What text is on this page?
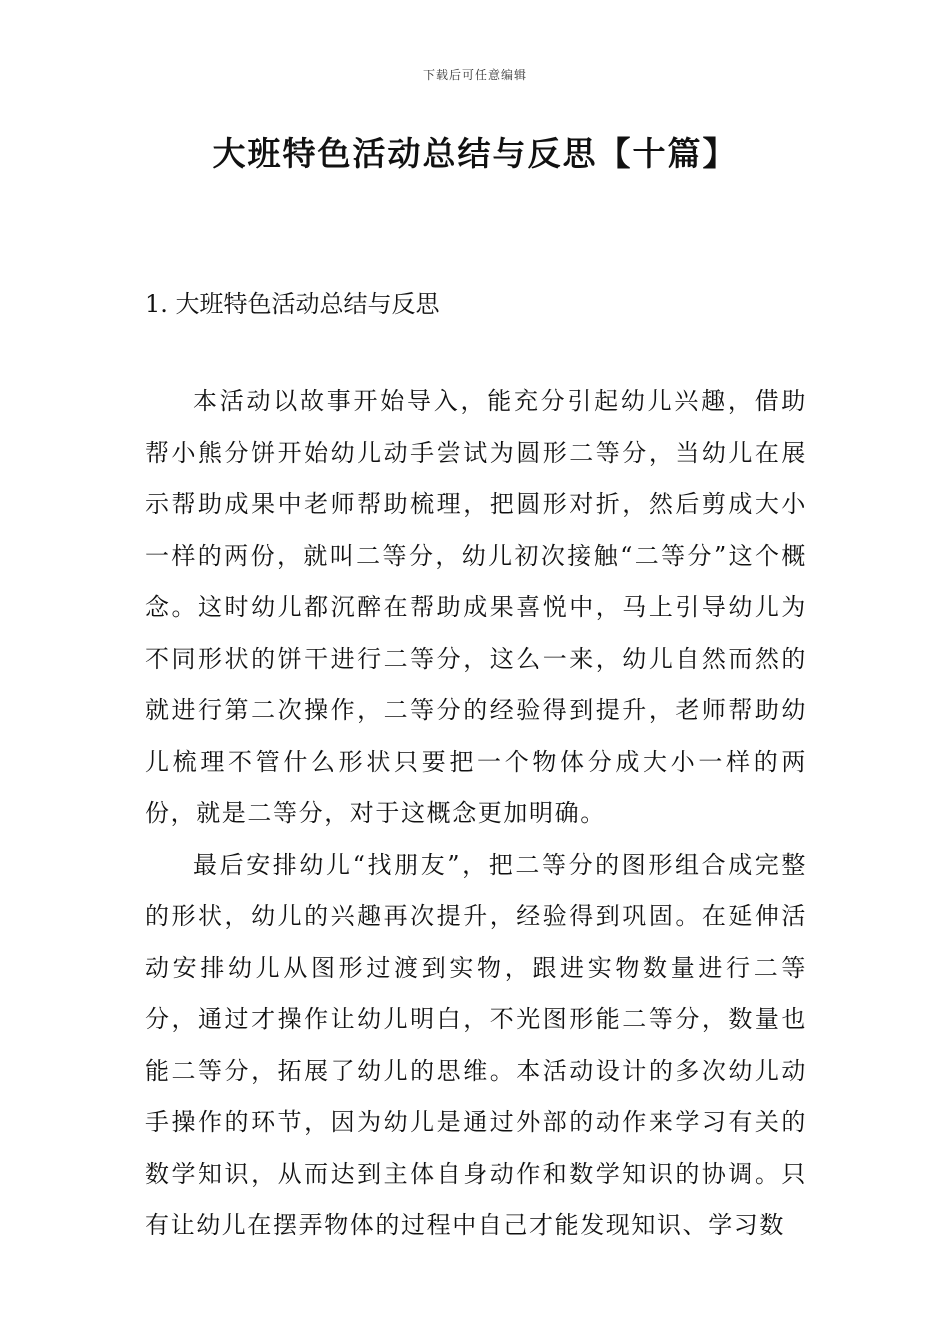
下载后可任意编辑
大班特色活动总结与反思【十篇】
1. 大班特色活动总结与反思

本活动以故事开始导入，能充分引起幼儿兴趣，借助帮小熊分饼开始幼儿动手尝试为圆形二等分，当幼儿在展示帮助成果中老师帮助梳理，把圆形对折，然后剪成大小一样的两份，就叫二等分，幼儿初次接触“二等分”这个概念。这时幼儿都沉醉在帮助成果喜悦中，马上引导幼儿为不同形状的饼干进行二等分，这么一来，幼儿自然而然的就进行第二次操作，二等分的经验得到提升，老师帮助幼儿梳理不管什么形状只要把一个物体分成大小一样的两份，就是二等分，对于这概念更加明确。

最后安排幼儿“找朋友”，把二等分的图形组合成完整的形状，幼儿的兴趣再次提升，经验得到巩固。在延伸活动安排幼儿从图形过渡到实物，跟进实物数量进行二等分，通过才操作让幼儿明白，不光图形能二等分，数量也能二等分，拓展了幼儿的思维。本活动设计的多次幼儿动手操作的环节，因为幼儿是通过外部的动作来学习有关的数学知识，从而达到主体自身动作和数学知识的协调。只有让幼儿在摆弄物体的过程中自己才能发现知识、学习数
